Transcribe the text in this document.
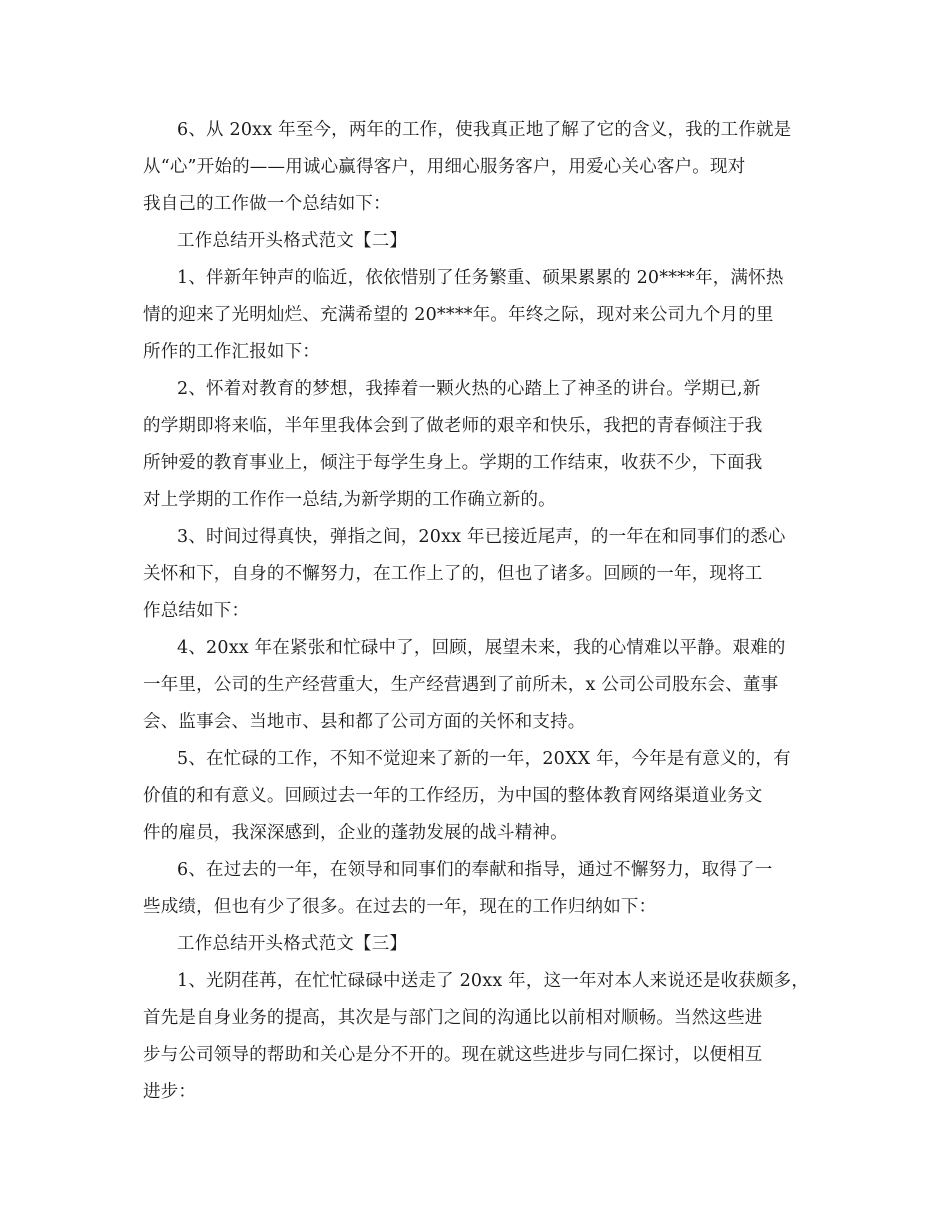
6、从 20xx 年至今，两年的工作，使我真正地了解了它的含义，我的工作就是
从“心”开始的——用诚心赢得客户，用细心服务客户，用爱心关心客户。现对
我自己的工作做一个总结如下：
工作总结开头格式范文【二】
1、伴新年钟声的临近，依依惜别了任务繁重、硕果累累的 20****年，满怀热
情的迎来了光明灿烂、充满希望的 20****年。年终之际，现对来公司九个月的里
所作的工作汇报如下：
2、怀着对教育的梦想，我捧着一颗火热的心踏上了神圣的讲台。学期已,新
的学期即将来临，半年里我体会到了做老师的艰辛和快乐，我把的青春倾注于我
所钟爱的教育事业上，倾注于每学生身上。学期的工作结束，收获不少，下面我
对上学期的工作作一总结,为新学期的工作确立新的。
3、时间过得真快，弹指之间，20xx 年已接近尾声，的一年在和同事们的悉心
关怀和下，自身的不懈努力，在工作上了的，但也了诸多。回顾的一年，现将工
作总结如下：
4、20xx 年在紧张和忙碌中了，回顾，展望未来，我的心情难以平静。艰难的
一年里，公司的生产经营重大，生产经营遇到了前所未，x 公司公司股东会、董事
会、监事会、当地市、县和都了公司方面的关怀和支持。
5、在忙碌的工作，不知不觉迎来了新的一年，20XX 年，今年是有意义的，有
价值的和有意义。回顾过去一年的工作经历，为中国的整体教育网络渠道业务文
件的雇员，我深深感到，企业的蓬勃发展的战斗精神。
6、在过去的一年，在领导和同事们的奉献和指导，通过不懈努力，取得了一
些成绩，但也有少了很多。在过去的一年，现在的工作归纳如下：
工作总结开头格式范文【三】
1、光阴荏苒，在忙忙碌碌中送走了 20xx 年，这一年对本人来说还是收获颇多，
首先是自身业务的提高，其次是与部门之间的沟通比以前相对顺畅。当然这些进
步与公司领导的帮助和关心是分不开的。现在就这些进步与同仁探讨，以便相互
进步：
